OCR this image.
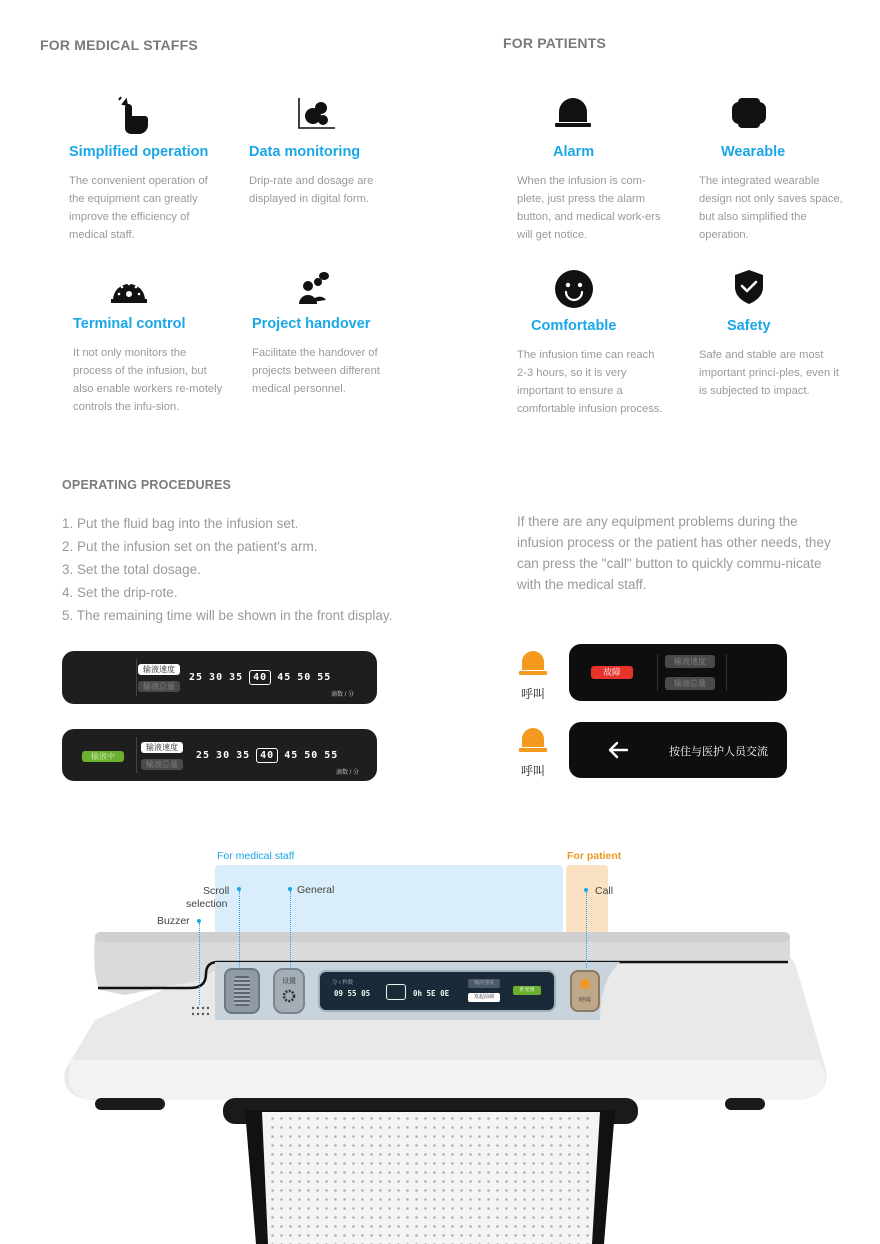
FOR MEDICAL STAFFS	FOR PATIENTS
Simplified operation
The convenient operation of the equipment can greatly improve the efficiency of medical staff.
Data monitoring
Drip-rate and dosage are displayed in digital form.
Terminal control
It not only monitors the process of the infusion, but also enable workers re-motely controls the infu-sion.
Project handover
Facilitate the handover of projects between different medical personnel.
Alarm
When the infusion is com-plete, just press the alarm button, and medical work-ers will get notice.
Wearable
The integrated wearable design not only saves space, but also simplified the operation.
Comfortable
The infusion time can reach 2-3 hours, so it is very important to ensure a comfortable infusion process.
Safety
Safe and stable are most important princi-ples, even it is subjected to impact.
OPERATING PROCEDURES
1. Put the fluid bag into the infusion set.
2. Put the infusion set on the patient's arm.
3. Set the total dosage.
4. Set the drip-rote.
5. The remaining time will be shown in the front display.
If there are any equipment problems during the infusion process or the patient has other needs, they can press the "call" button to quickly commu-nicate with the medical staff.
输液速度
输液总量
25 30 35 40 45 50 55
滴数 / 分
输液中
输液速度
输液总量
25 30 35 40 45 50 55
滴数 / 分
呼叫
故障
输液速度
输液总量
呼叫
按住与医护人员交流
For medical staff	For patient
设置	分 / 秒数
09 55 05	0h 5E 0E
输液速度
发起前调
补充剂
呼叫
Scroll
selection
General
Buzzer
Call
